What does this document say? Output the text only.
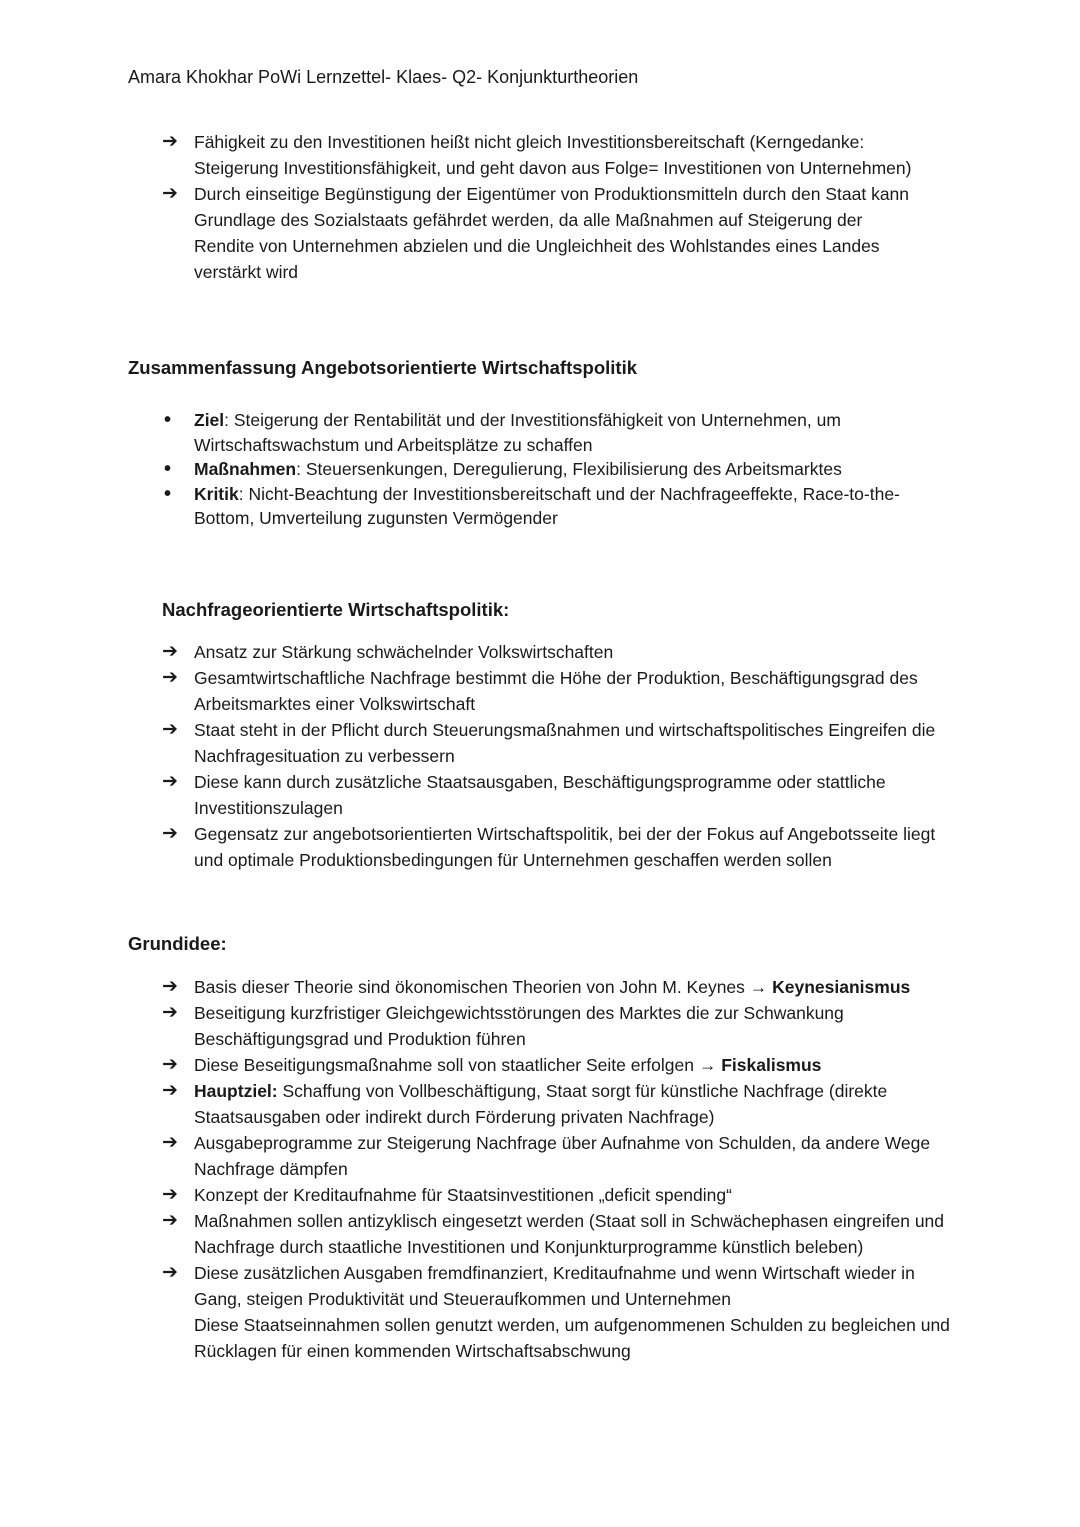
Amara Khokhar PoWi Lernzettel- Klaes- Q2- Konjunkturtheorien
➔ Fähigkeit zu den Investitionen heißt nicht gleich Investitionsbereitschaft (Kerngedanke: Steigerung Investitionsfähigkeit, und geht davon aus Folge= Investitionen von Unternehmen)
➔ Durch einseitige Begünstigung der Eigentümer von Produktionsmitteln durch den Staat kann Grundlage des Sozialstaats gefährdet werden, da alle Maßnahmen auf Steigerung der Rendite von Unternehmen abzielen und die Ungleichheit des Wohlstandes eines Landes verstärkt wird
Zusammenfassung Angebotsorientierte Wirtschaftspolitik
• Ziel: Steigerung der Rentabilität und der Investitionsfähigkeit von Unternehmen, um Wirtschaftswachstum und Arbeitsplätze zu schaffen
• Maßnahmen: Steuersenkungen, Deregulierung, Flexibilisierung des Arbeitsmarktes
• Kritik: Nicht-Beachtung der Investitionsbereitschaft und der Nachfrageeffekte, Race-to-the-Bottom, Umverteilung zugunsten Vermögender
Nachfrageorientierte Wirtschaftspolitik:
➔ Ansatz zur Stärkung schwächelnder Volkswirtschaften
➔ Gesamtwirtschaftliche Nachfrage bestimmt die Höhe der Produktion, Beschäftigungsgrad des Arbeitsmarktes einer Volkswirtschaft
➔ Staat steht in der Pflicht durch Steuerungsmaßnahmen und wirtschaftspolitisches Eingreifen die Nachfragesituation zu verbessern
➔ Diese kann durch zusätzliche Staatsausgaben, Beschäftigungsprogramme oder stattliche Investitionszulagen
➔ Gegensatz zur angebotsorientierten Wirtschaftspolitik, bei der der Fokus auf Angebotsseite liegt und optimale Produktionsbedingungen für Unternehmen geschaffen werden sollen
Grundidee:
➔ Basis dieser Theorie sind ökonomischen Theorien von John M. Keynes → Keynesianismus
➔ Beseitigung kurzfristiger Gleichgewichtsstörungen des Marktes die zur Schwankung Beschäftigungsgrad und Produktion führen
➔ Diese Beseitigungsmaßnahme soll von staatlicher Seite erfolgen → Fiskalismus
➔ Hauptziel: Schaffung von Vollbeschäftigung, Staat sorgt für künstliche Nachfrage (direkte Staatsausgaben oder indirekt durch Förderung privaten Nachfrage)
➔ Ausgabeprogramme zur Steigerung Nachfrage über Aufnahme von Schulden, da andere Wege Nachfrage dämpfen
➔ Konzept der Kreditaufnahme für Staatsinvestitionen „deficit spending“
➔ Maßnahmen sollen antizyklisch eingesetzt werden (Staat soll in Schwächephasen eingreifen und Nachfrage durch staatliche Investitionen und Konjunkturprogramme künstlich beleben)
➔ Diese zusätzlichen Ausgaben fremdfinanziert, Kreditaufnahme und wenn Wirtschaft wieder in Gang, steigen Produktivität und Steueraufkommen und Unternehmen
Diese Staatseinnahmen sollen genutzt werden, um aufgenommenen Schulden zu begleichen und Rücklagen für einen kommenden Wirtschaftsabschwung
